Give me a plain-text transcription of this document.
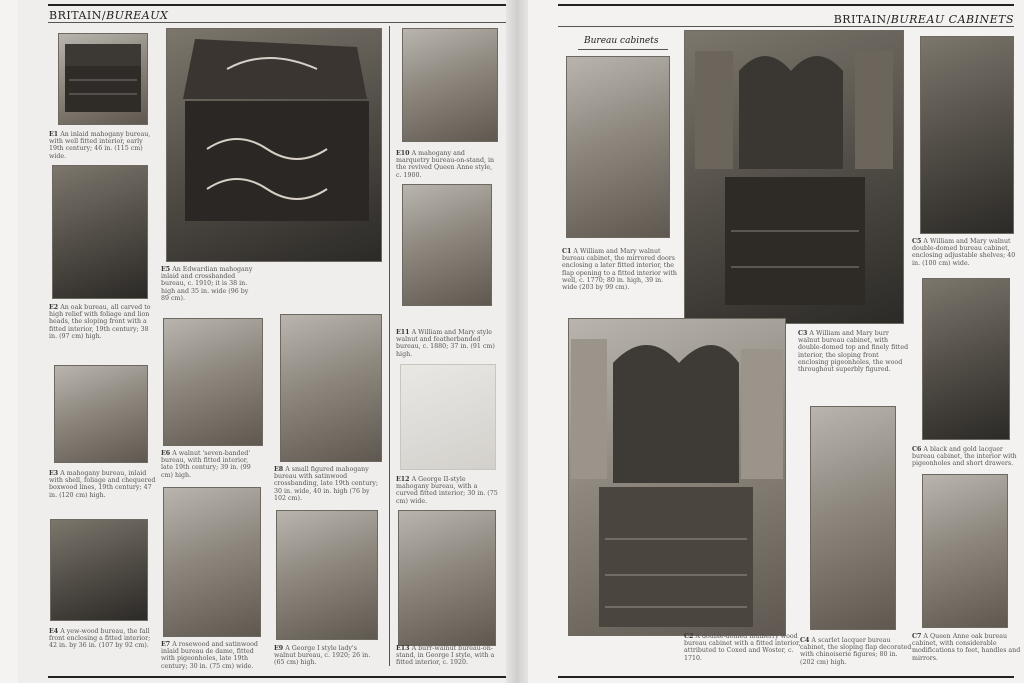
BRITAIN/BUREAUX
E1 An inlaid mahogany bureau, with well fitted interior, early 19th century; 46 in. (115 cm) wide.
E2 An oak bureau, all carved to high relief with foliage and lion heads, the sloping front with a fitted interior, 19th century; 38 in. (97 cm) high.
E3 A mahogany bureau, inlaid with shell, foliage and chequered boxwood lines, 19th century; 47 in. (120 cm) high.
E4 A yew-wood bureau, the fall front enclosing a fitted interior; 42 in. by 36 in. (107 by 92 cm).
E5 An Edwardian mahogany inlaid and crossbanded bureau, c. 1910; it is 38 in. high and 35 in. wide (96 by 89 cm).
E6 A walnut 'seven-banded' bureau, with fitted interior, late 19th century; 39 in. (99 cm) high.
E7 A rosewood and satinwood inlaid bureau de dame, fitted with pigeonholes, late 19th century; 30 in. (75 cm) wide.
E8 A small figured mahogany bureau with satinwood crossbanding, late 19th century; 30 in. wide, 40 in. high (76 by 102 cm).
E9 A George I style lady's walnut bureau, c. 1920; 26 in. (65 cm) high.
E10 A mahogany and marquetry bureau-on-stand, in the revived Queen Anne style, c. 1900.
E11 A William and Mary style walnut and featherbanded bureau, c. 1880; 37 in. (91 cm) high.
E12 A George II-style mahogany bureau, with a curved fitted interior; 30 in. (75 cm) wide.
E13 A burr-walnut bureau-on-stand, in George I style, with a fitted interior, c. 1920.
BRITAIN/BUREAU CABINETS
Bureau cabinets
C1 A William and Mary walnut bureau cabinet, the mirrored doors enclosing a later fitted interior, the flap opening to a fitted interior with well, c. 1770; 80 in. high, 39 in. wide (203 by 99 cm).
C3 A William and Mary burr walnut bureau cabinet, with double-domed top and finely fitted interior, the sloping front enclosing pigeonholes, the wood throughout superbly figured.
C5 A William and Mary walnut double-domed bureau cabinet, enclosing adjustable shelves; 40 in. (100 cm) wide.
C6 A black and gold lacquer bureau cabinet, the interior with pigeonholes and short drawers.
C2 A double-domed mulberry wood bureau cabinet with a fitted interior, attributed to Coxed and Woster, c. 1710.
C4 A scarlet lacquer bureau cabinet, the sloping flap decorated with chinoiserie figures; 80 in. (202 cm) high.
C7 A Queen Anne oak bureau cabinet, with considerable modifications to feet, handles and mirrors.
